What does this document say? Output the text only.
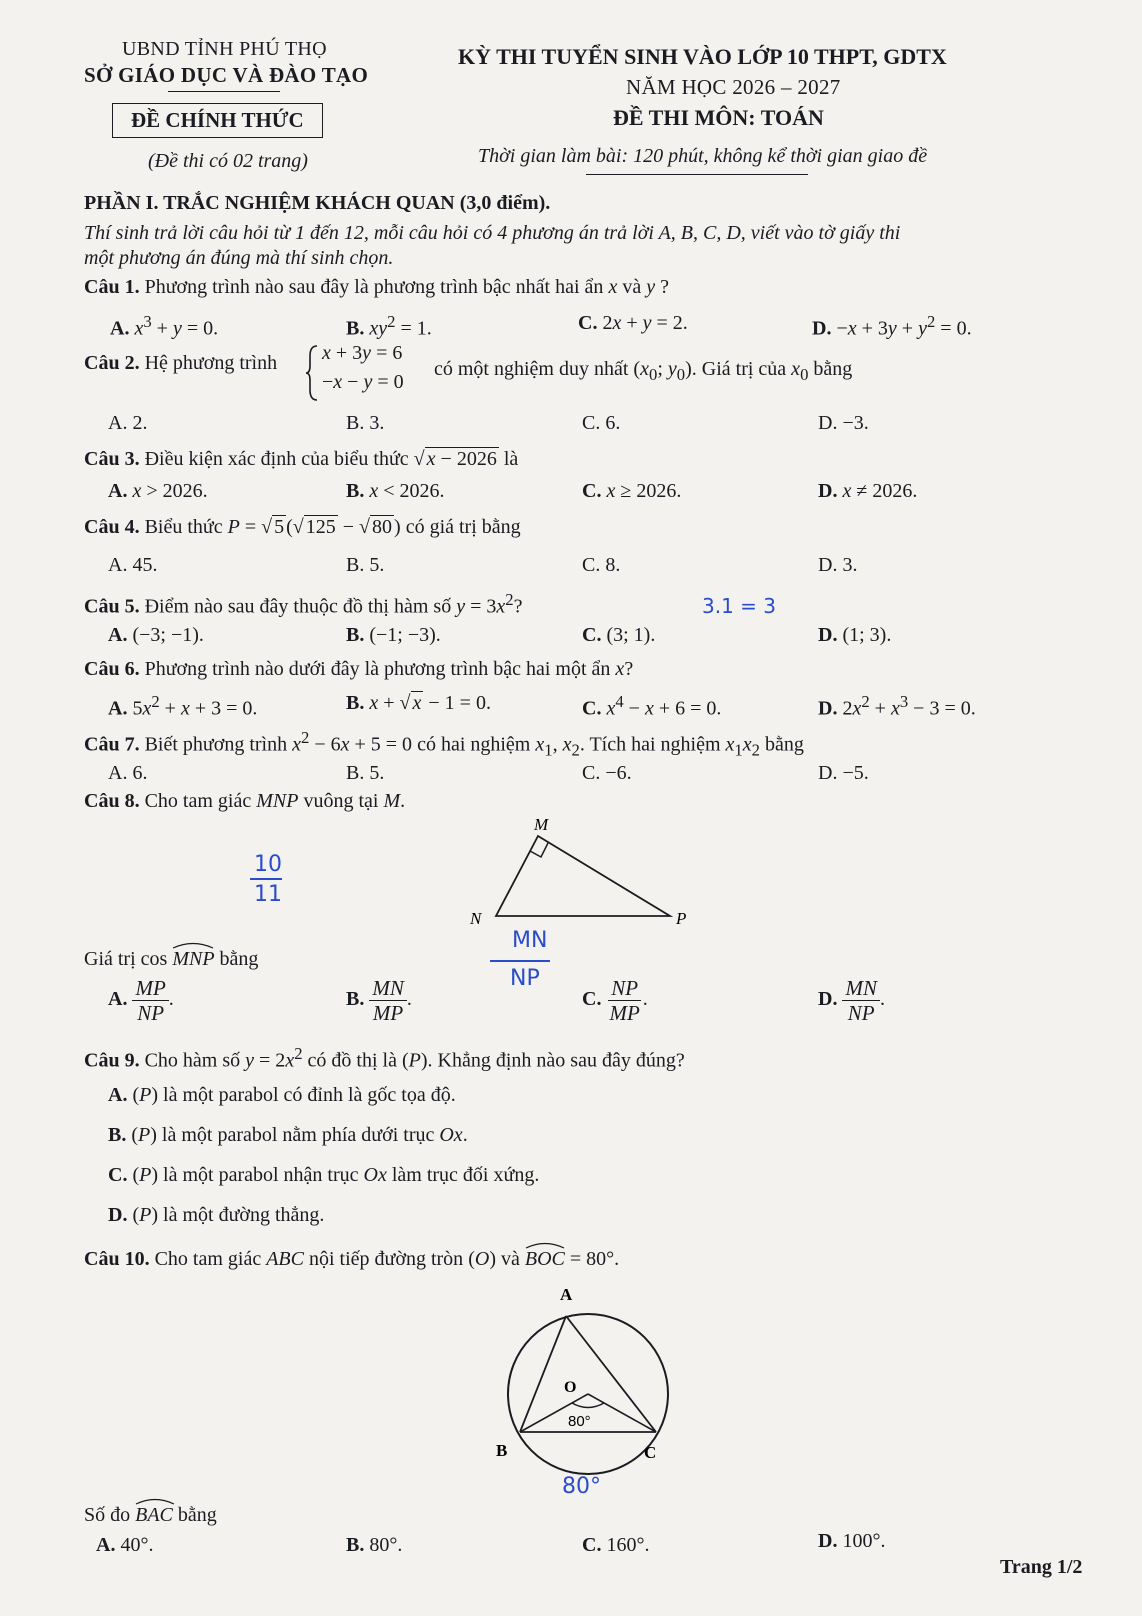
UBND TỈNH PHÚ THỌ
SỞ GIÁO DỤC VÀ ĐÀO TẠO
ĐỀ CHÍNH THỨC
(Đề thi có 02 trang)
KỲ THI TUYỂN SINH VÀO LỚP 10 THPT, GDTX
NĂM HỌC 2026 – 2027
ĐỀ THI MÔN: TOÁN
Thời gian làm bài: 120 phút, không kể thời gian giao đề
PHẦN I. TRẮC NGHIỆM KHÁCH QUAN (3,0 điểm).
Thí sinh trả lời câu hỏi từ 1 đến 12, mỗi câu hỏi có 4 phương án trả lời A, B, C, D, viết vào tờ giấy thi
một phương án đúng mà thí sinh chọn.
Câu 1. Phương trình nào sau đây là phương trình bậc nhất hai ẩn x và y ?
A. $x^3 + y = 0$.	B. $xy^2 = 1$.	C. 2x + y = 2.	D. $-x + 3y + y^2 = 0$.
Câu 2. Hệ phương trình x + 3y = 6
−x − y = 0
có một nghiệm duy nhất ($x_0$; $y_0$). Giá trị của $x_0$ bằng
A. 2.	B. 3.	C. 6.	D. −3.
Câu 3. Điều kiện xác định của biểu thức √ x − 2026 là
A. x > 2026.	B. x < 2026.	C. x ≥ 2026.	D. x ≠ 2026.
Câu 4. Biểu thức P = √ 5 (√ 125 − √ 80 ) có giá trị bằng
A. 45.	B. 5.	C. 8.	D. 3.
Câu 5. Điểm nào sau đây thuộc đồ thị hàm số $y = 3x^2$?	3.1 = 3
A. (−3; −1).	B. (−1; −3).	C. (3; 1).	D. (1; 3).
Câu 6. Phương trình nào dưới đây là phương trình bậc hai một ẩn x?
A. $5x^2 + x + 3 = 0$.	B. x + √ x − 1 = 0.	C. $x^4 - x + 6 = 0$.	D. $2x^2 + x^3 - 3 = 0$.
Câu 7. Biết phương trình $x^2 - 6x + 5 = 0$ có hai nghiệm $x_1$, $x_2$. Tích hai nghiệm $x_1x_2$ bằng
A. 6.	B. 5.	C. −6.	D. −5.
Câu 8. Cho tam giác MNP vuông tại M.
M
N	P
10
11
MN
NP
Giá trị cos MNP bằng
A. $\frac{MP}{NP}$ .	B. $\frac{MN}{MP}$ .	C. $\frac{NP}{MP}$ .	D. $\frac{MN}{NP}$ .
Câu 9. Cho hàm số $y = 2x^2$ có đồ thị là (P). Khẳng định nào sau đây đúng?
A. (P) là một parabol có đỉnh là gốc tọa độ.
B. (P) là một parabol nằm phía dưới trục Ox.
C. (P) là một parabol nhận trục Ox làm trục đối xứng.
D. (P) là một đường thẳng.
Câu 10. Cho tam giác ABC nội tiếp đường tròn (O) và BOC
= 80°.
A
O
B	C
80°
80°
Số đo BAC bằng
A. 40°.	B. 80°.	C. 160°.	D. 100°.
Trang 1/2
